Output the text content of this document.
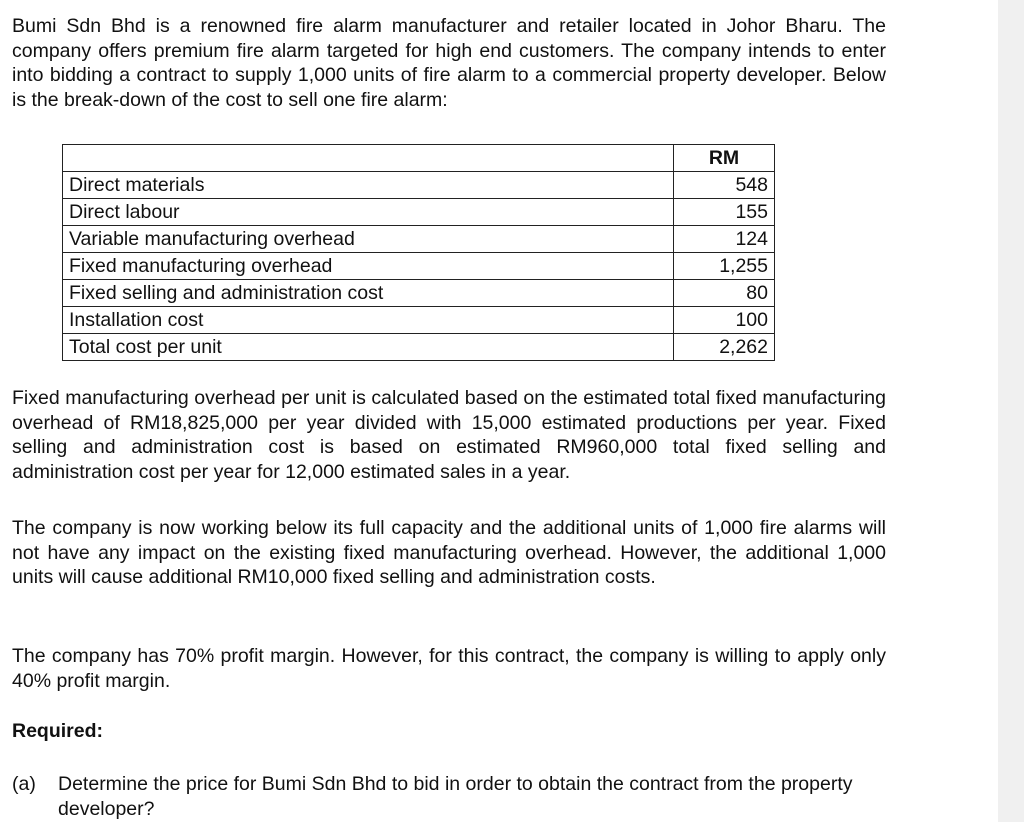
Bumi Sdn Bhd is a renowned fire alarm manufacturer and retailer located in Johor Bharu. The company offers premium fire alarm targeted for high end customers. The company intends to enter into bidding a contract to supply 1,000 units of fire alarm to a commercial property developer. Below is the break-down of the cost to sell one fire alarm:

	RM
Direct materials	548
Direct labour	155
Variable manufacturing overhead	124
Fixed manufacturing overhead	1,255
Fixed selling and administration cost	80
Installation cost	100
Total cost per unit	2,262

Fixed manufacturing overhead per unit is calculated based on the estimated total fixed manufacturing overhead of RM18,825,000 per year divided with 15,000 estimated productions per year. Fixed selling and administration cost is based on estimated RM960,000 total fixed selling and administration cost per year for 12,000 estimated sales in a year.

The company is now working below its full capacity and the additional units of 1,000 fire alarms will not have any impact on the existing fixed manufacturing overhead. However, the additional 1,000 units will cause additional RM10,000 fixed selling and administration costs.

The company has 70% profit margin. However, for this contract, the company is willing to apply only 40% profit margin.

Required:

(a) Determine the price for Bumi Sdn Bhd to bid in order to obtain the contract from the property developer?
